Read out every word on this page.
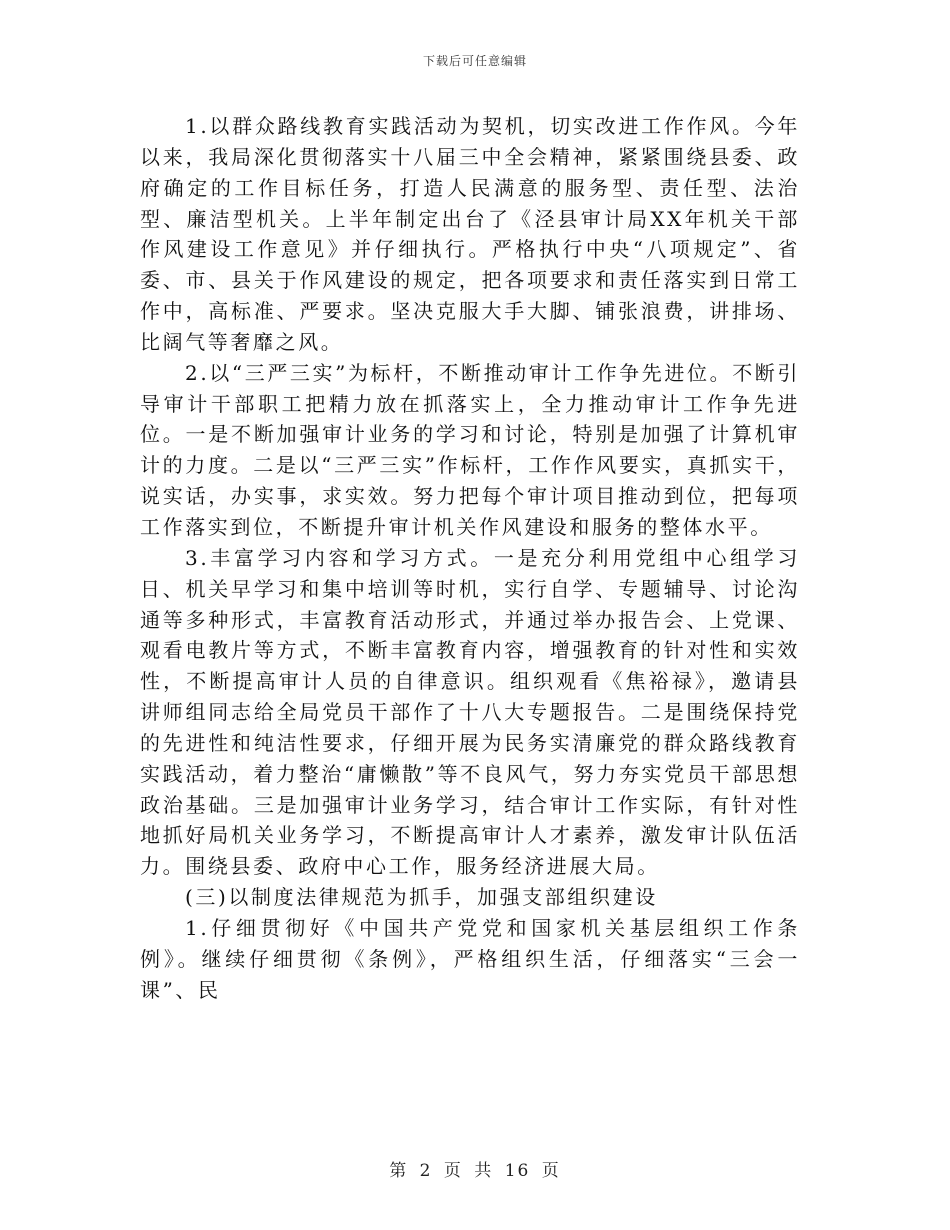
下载后可任意编辑

1.以群众路线教育实践活动为契机，切实改进工作作风。今年以来，我局深化贯彻落实十八届三中全会精神，紧紧围绕县委、政府确定的工作目标任务，打造人民满意的服务型、责任型、法治型、廉洁型机关。上半年制定出台了《泾县审计局XX年机关干部作风建设工作意见》并仔细执行。严格执行中央“八项规定”、省委、市、县关于作风建设的规定，把各项要求和责任落实到日常工作中，高标准、严要求。坚决克服大手大脚、铺张浪费，讲排场、比阔气等奢靡之风。

2.以“三严三实”为标杆，不断推动审计工作争先进位。不断引导审计干部职工把精力放在抓落实上，全力推动审计工作争先进位。一是不断加强审计业务的学习和讨论，特别是加强了计算机审计的力度。二是以“三严三实”作标杆，工作作风要实，真抓实干，说实话，办实事，求实效。努力把每个审计项目推动到位，把每项工作落实到位，不断提升审计机关作风建设和服务的整体水平。

3.丰富学习内容和学习方式。一是充分利用党组中心组学习日、机关早学习和集中培训等时机，实行自学、专题辅导、讨论沟通等多种形式，丰富教育活动形式，并通过举办报告会、上党课、观看电教片等方式，不断丰富教育内容，增强教育的针对性和实效性，不断提高审计人员的自律意识。组织观看《焦裕禄》，邀请县讲师组同志给全局党员干部作了十八大专题报告。二是围绕保持党的先进性和纯洁性要求，仔细开展为民务实清廉党的群众路线教育实践活动，着力整治“庸懒散”等不良风气，努力夯实党员干部思想政治基础。三是加强审计业务学习，结合审计工作实际，有针对性地抓好局机关业务学习，不断提高审计人才素养，激发审计队伍活力。围绕县委、政府中心工作，服务经济进展大局。

(三)以制度法律规范为抓手，加强支部组织建设

1.仔细贯彻好《中国共产党党和国家机关基层组织工作条例》。继续仔细贯彻《条例》，严格组织生活，仔细落实“三会一课”、民

第 2 页 共 16 页
